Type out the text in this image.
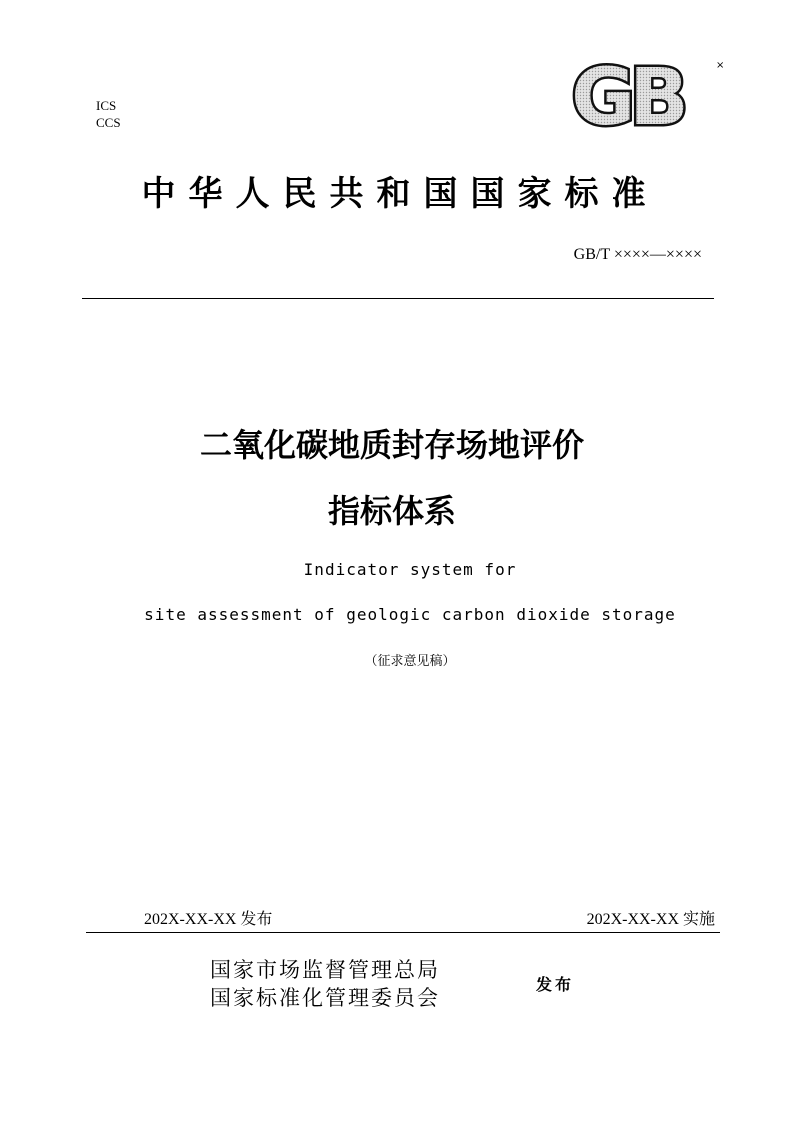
×
ICS
CCS	GB
中华人民共和国国家标准
GB/T ××××—××××
二氧化碳地质封存场地评价
指标体系
Indicator system for
site assessment of geologic carbon dioxide storage
（征求意见稿）
202X-XX-XX 发布	202X-XX-XX 实施
国家市场监督管理总局
国家标准化管理委员会
发布
